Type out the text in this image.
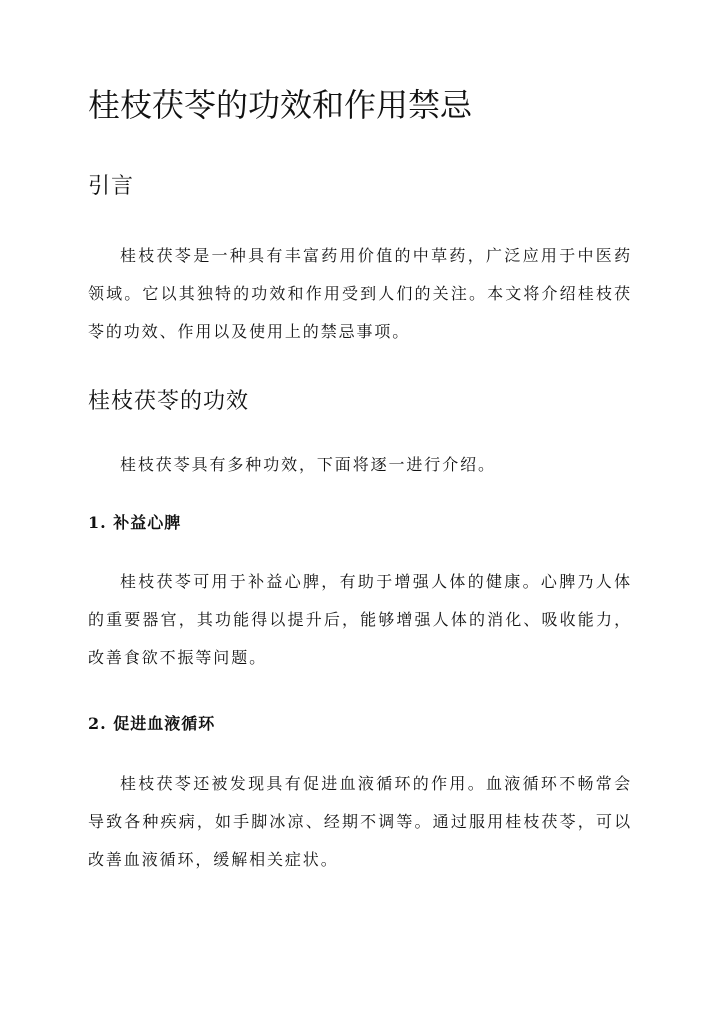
桂枝茯苓的功效和作用禁忌
引言

桂枝茯苓是一种具有丰富药用价值的中草药，广泛应用于中医药领域。它以其独特的功效和作用受到人们的关注。本文将介绍桂枝茯苓的功效、作用以及使用上的禁忌事项。

桂枝茯苓的功效

桂枝茯苓具有多种功效，下面将逐一进行介绍。

1. 补益心脾

桂枝茯苓可用于补益心脾，有助于增强人体的健康。心脾乃人体的重要器官，其功能得以提升后，能够增强人体的消化、吸收能力，改善食欲不振等问题。

2. 促进血液循环

桂枝茯苓还被发现具有促进血液循环的作用。血液循环不畅常会导致各种疾病，如手脚冰凉、经期不调等。通过服用桂枝茯苓，可以改善血液循环，缓解相关症状。
